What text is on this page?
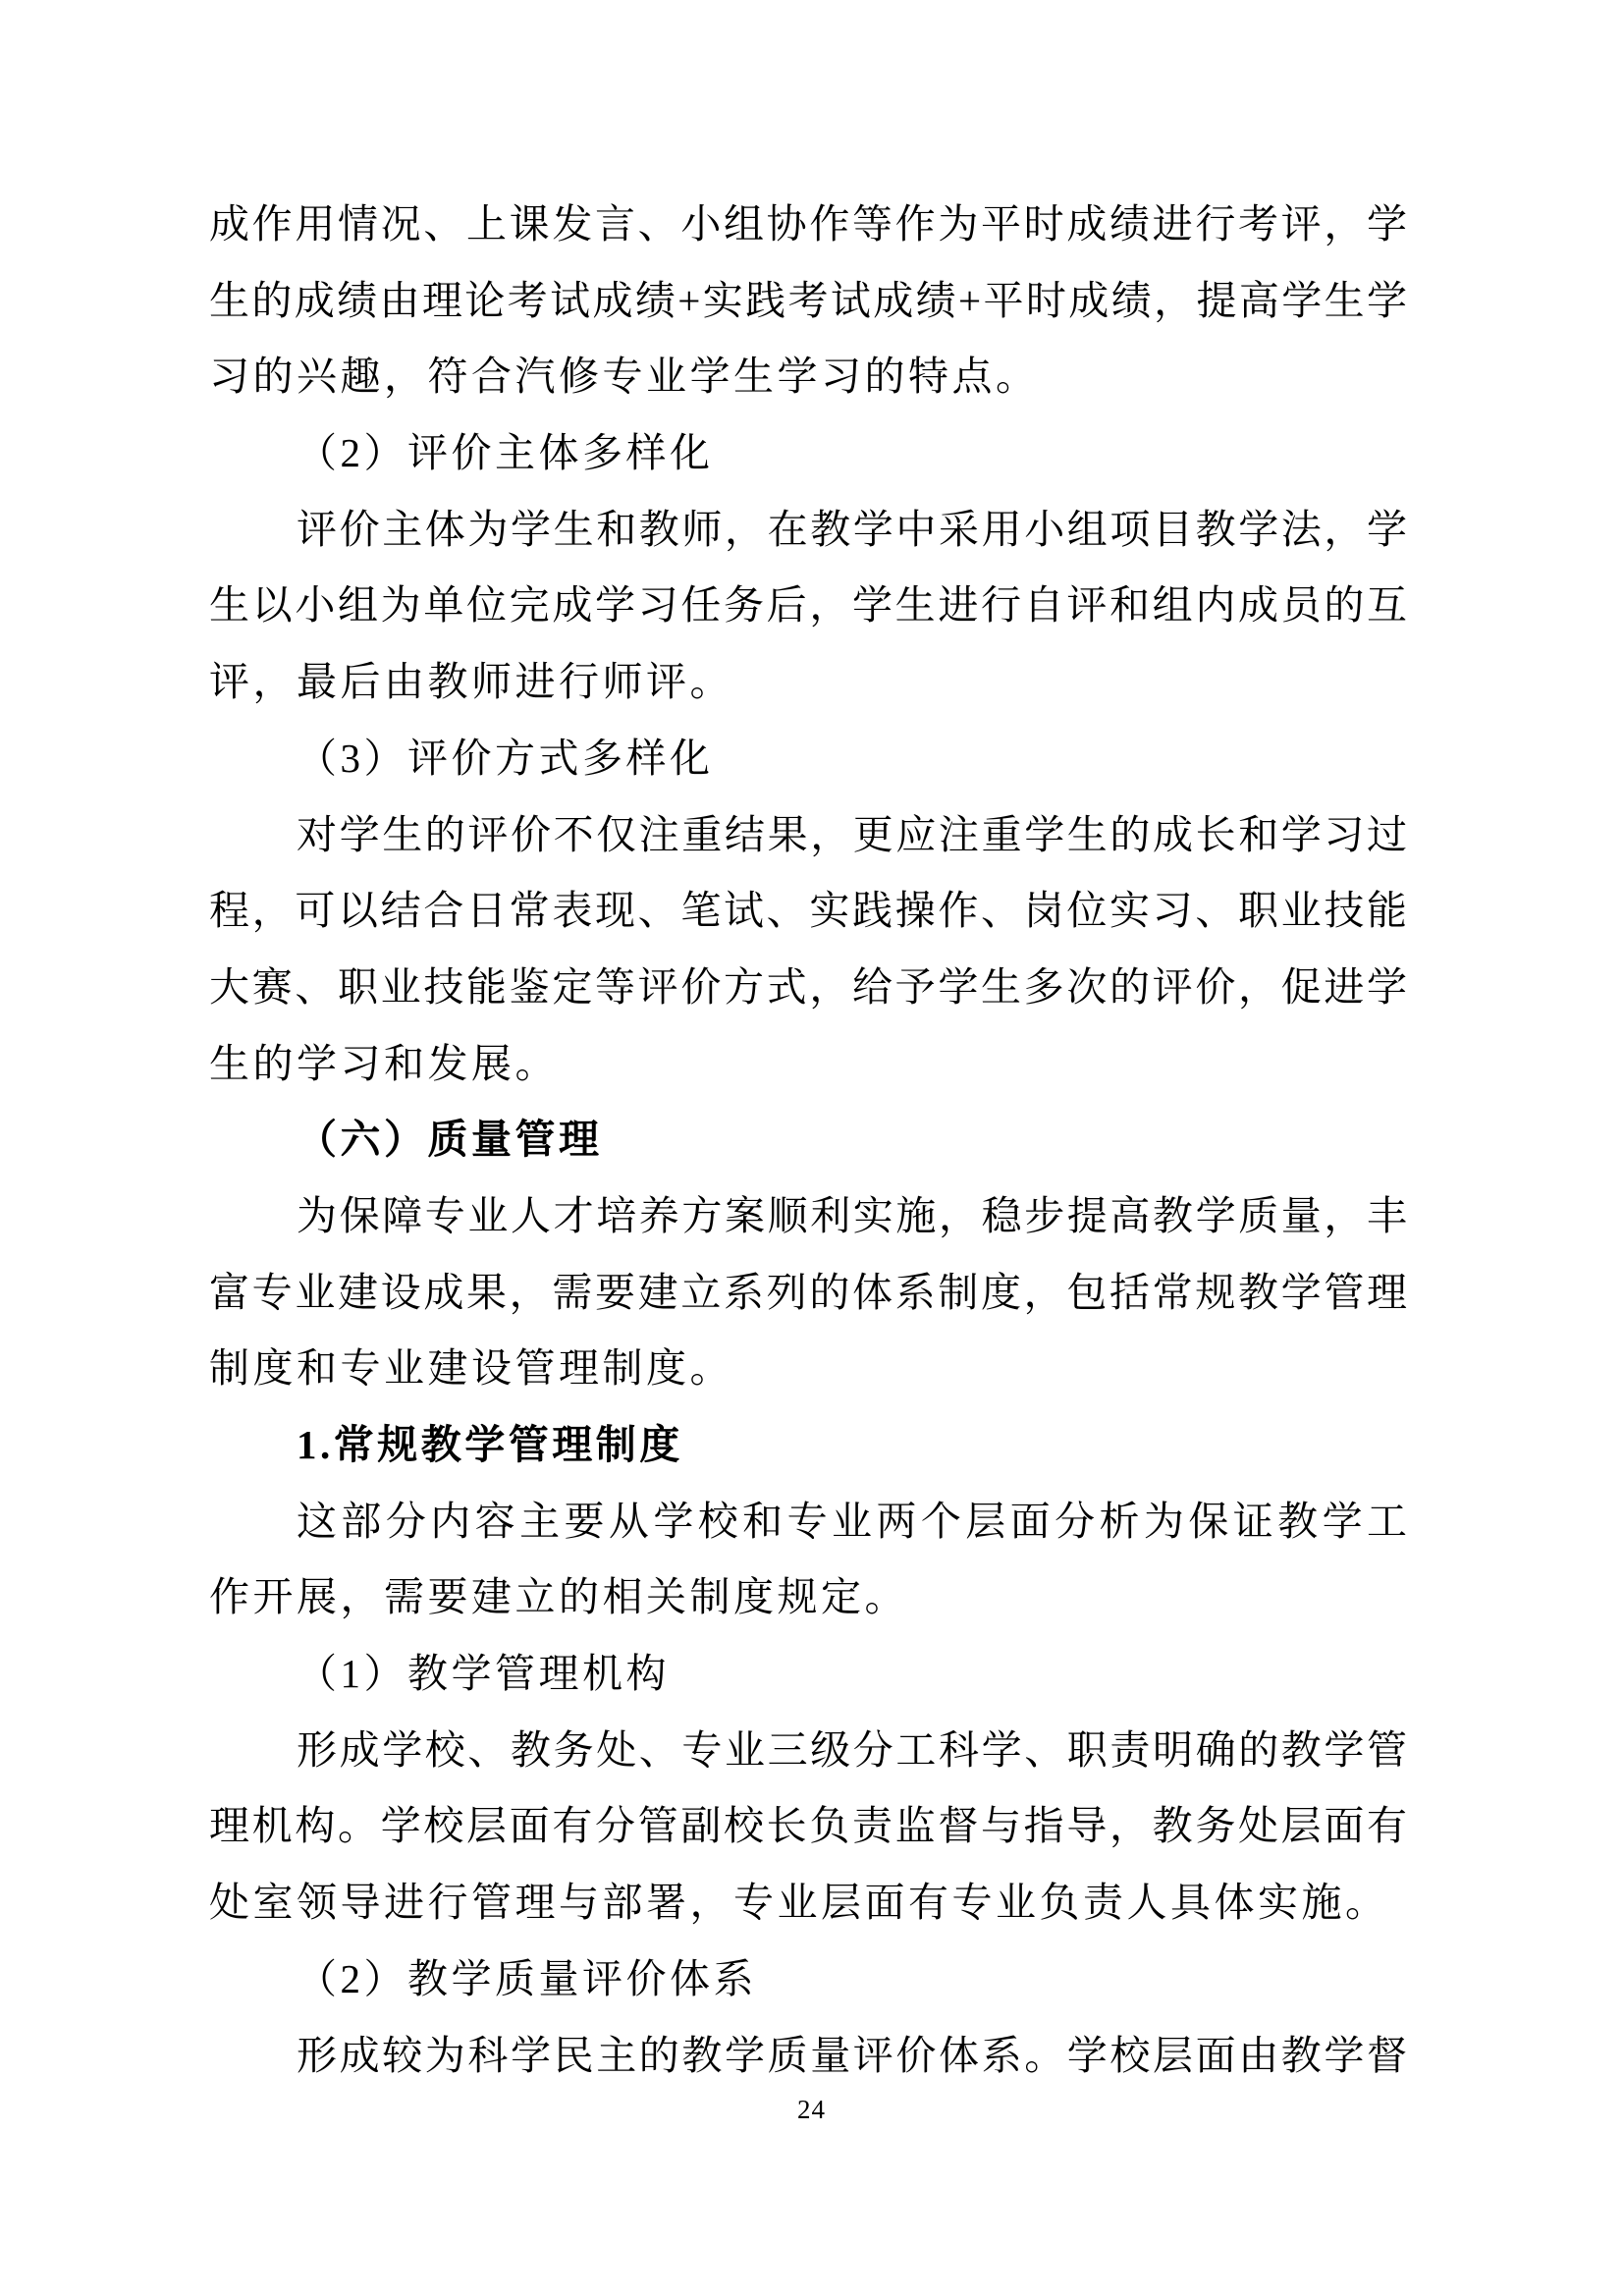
成作用情况、上课发言、小组协作等作为平时成绩进行考评，学
生的成绩由理论考试成绩+实践考试成绩+平时成绩，提高学生学
习的兴趣，符合汽修专业学生学习的特点。
（2）评价主体多样化
评价主体为学生和教师，在教学中采用小组项目教学法，学
生以小组为单位完成学习任务后，学生进行自评和组内成员的互
评，最后由教师进行师评。
（3）评价方式多样化
对学生的评价不仅注重结果，更应注重学生的成长和学习过
程，可以结合日常表现、笔试、实践操作、岗位实习、职业技能
大赛、职业技能鉴定等评价方式，给予学生多次的评价，促进学
生的学习和发展。
（六）质量管理
为保障专业人才培养方案顺利实施，稳步提高教学质量，丰
富专业建设成果，需要建立系列的体系制度，包括常规教学管理
制度和专业建设管理制度。
1.常规教学管理制度
这部分内容主要从学校和专业两个层面分析为保证教学工
作开展，需要建立的相关制度规定。
（1）教学管理机构
形成学校、教务处、专业三级分工科学、职责明确的教学管
理机构。学校层面有分管副校长负责监督与指导，教务处层面有
处室领导进行管理与部署，专业层面有专业负责人具体实施。
（2）教学质量评价体系
形成较为科学民主的教学质量评价体系。学校层面由教学督
24
